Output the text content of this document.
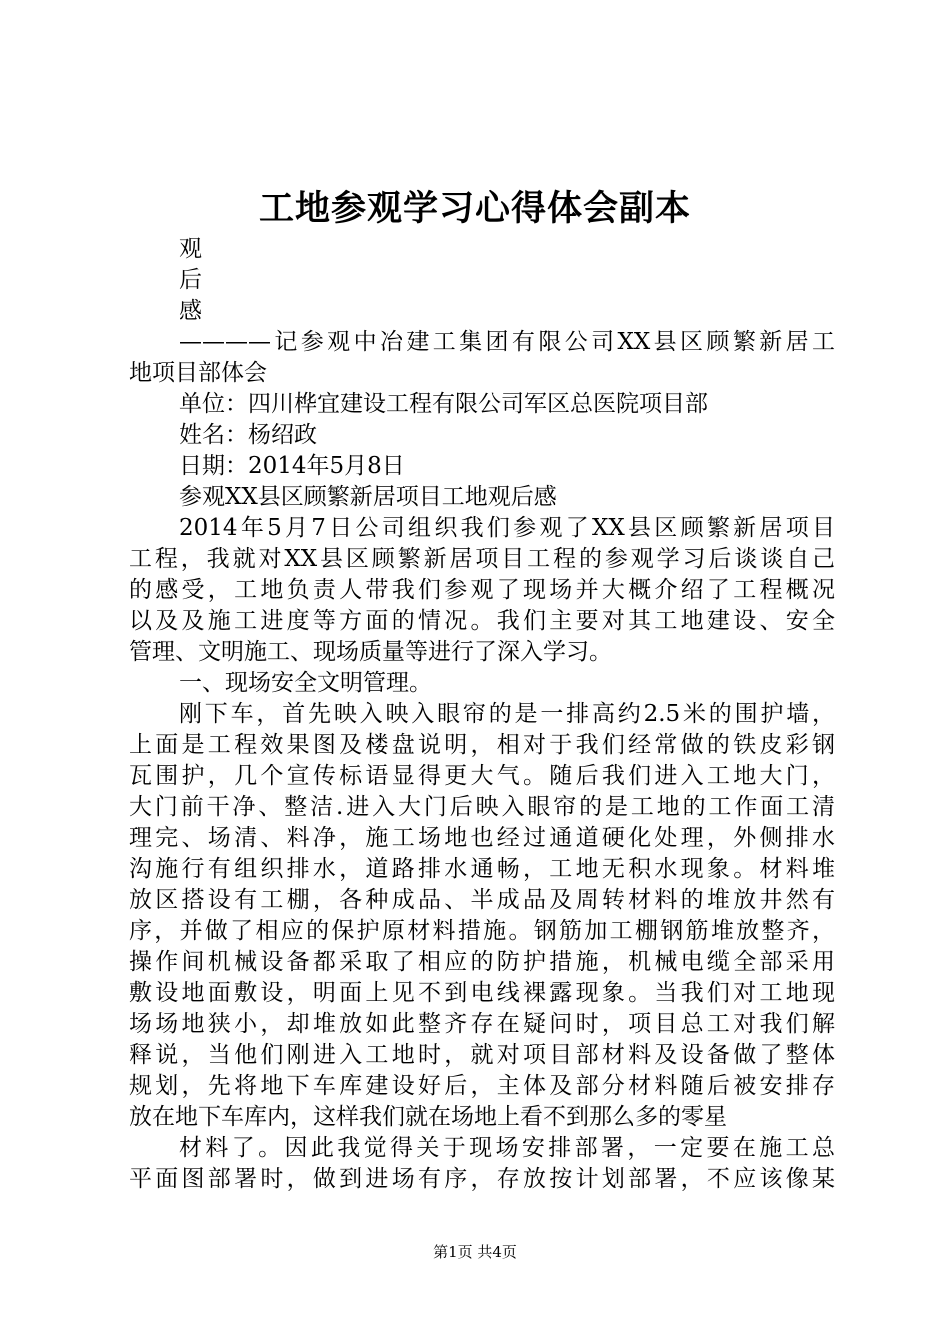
工地参观学习心得体会副本
观
后
感
————记参观中冶建工集团有限公司XX县区顾繁新居工
地项目部体会
单位：四川桦宜建设工程有限公司军区总医院项目部
姓名：杨绍政
日期：2014年5月8日
参观XX县区顾繁新居项目工地观后感
2014年5月7日公司组织我们参观了XX县区顾繁新居项目
工程，我就对XX县区顾繁新居项目工程的参观学习后谈谈自己
的感受，工地负责人带我们参观了现场并大概介绍了工程概况
以及及施工进度等方面的情况。我们主要对其工地建设、安全
管理、文明施工、现场质量等进行了深入学习。
一、现场安全文明管理。
刚下车，首先映入映入眼帘的是一排高约2.5米的围护墙，
上面是工程效果图及楼盘说明，相对于我们经常做的铁皮彩钢
瓦围护，几个宣传标语显得更大气。随后我们进入工地大门，
大门前干净、整洁.进入大门后映入眼帘的是工地的工作面工清
理完、场清、料净，施工场地也经过通道硬化处理，外侧排水
沟施行有组织排水，道路排水通畅，工地无积水现象。材料堆
放区搭设有工棚，各种成品、半成品及周转材料的堆放井然有
序，并做了相应的保护原材料措施。钢筋加工棚钢筋堆放整齐，
操作间机械设备都采取了相应的防护措施，机械电缆全部采用
敷设地面敷设，明面上见不到电线裸露现象。当我们对工地现
场场地狭小，却堆放如此整齐存在疑问时，项目总工对我们解
释说，当他们刚进入工地时，就对项目部材料及设备做了整体
规划，先将地下车库建设好后，主体及部分材料随后被安排存
放在地下车库内，这样我们就在场地上看不到那么多的零星
材料了。因此我觉得关于现场安排部署，一定要在施工总
平面图部署时，做到进场有序，存放按计划部署，不应该像某
第1页 共4页
